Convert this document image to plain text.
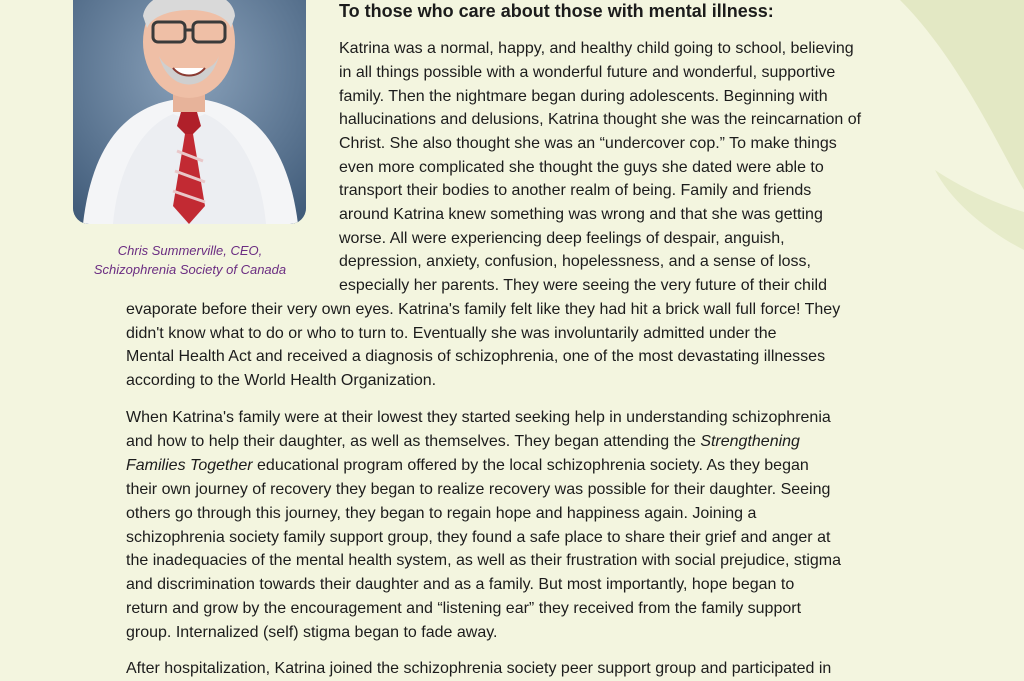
Chris Summerville, CEO,
Schizophrenia Society of Canada
To those who care about those with mental illness:
Katrina was a normal, happy, and healthy child going to school, believing
in all things possible with a wonderful future and wonderful, supportive
family. Then the nightmare began during adolescents. Beginning with
hallucinations and delusions, Katrina thought she was the reincarnation of
Christ. She also thought she was an “undercover cop.” To make things
even more complicated she thought the guys she dated were able to
transport their bodies to another realm of being. Family and friends
around Katrina knew something was wrong and that she was getting
worse. All were experiencing deep feelings of despair, anguish,
depression, anxiety, confusion, hopelessness, and a sense of loss,
especially her parents. They were seeing the very future of their child
evaporate before their very own eyes. Katrina's family felt like they had hit a brick wall full force! They
didn't know what to do or who to turn to. Eventually she was involuntarily admitted under the
Mental Health Act and received a diagnosis of schizophrenia, one of the most devastating illnesses
according to the World Health Organization.
When Katrina's family were at their lowest they started seeking help in understanding schizophrenia
and how to help their daughter, as well as themselves. They began attending the Strengthening
Families Together educational program offered by the local schizophrenia society. As they began
their own journey of recovery they began to realize recovery was possible for their daughter. Seeing
others go through this journey, they began to regain hope and happiness again. Joining a
schizophrenia society family support group, they found a safe place to share their grief and anger at
the inadequacies of the mental health system, as well as their frustration with social prejudice, stigma
and discrimination towards their daughter and as a family. But most importantly, hope began to
return and grow by the encouragement and “listening ear” they received from the family support
group. Internalized (self) stigma began to fade away.
After hospitalization, Katrina joined the schizophrenia society peer support group and participated in
